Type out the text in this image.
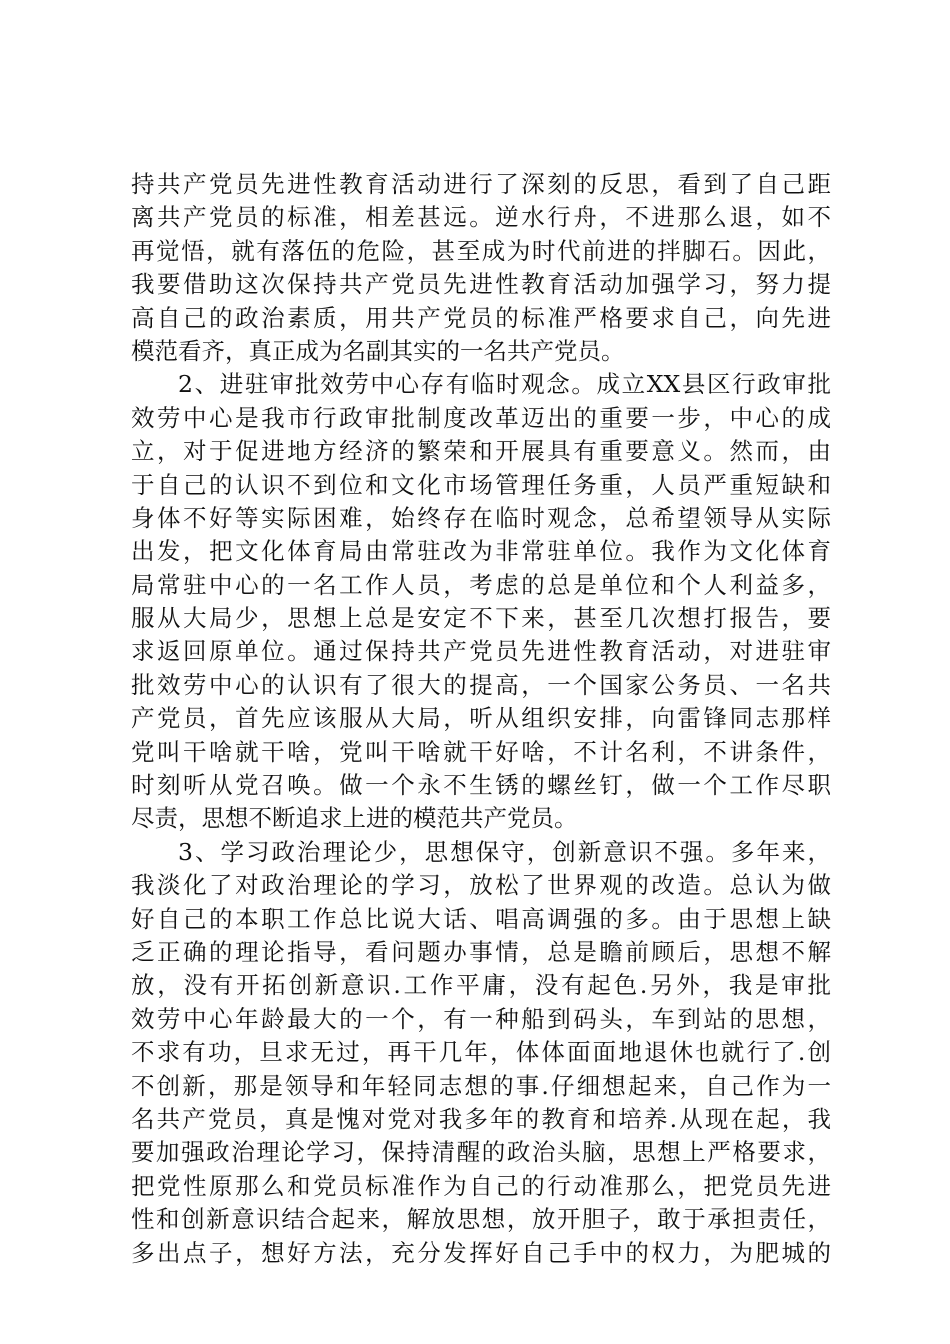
持共产党员先进性教育活动进行了深刻的反思，看到了自己距
离共产党员的标准，相差甚远。逆水行舟，不进那么退，如不
再觉悟，就有落伍的危险，甚至成为时代前进的拌脚石。因此，
我要借助这次保持共产党员先进性教育活动加强学习，努力提
高自己的政治素质，用共产党员的标准严格要求自己，向先进
模范看齐，真正成为名副其实的一名共产党员。
2、进驻审批效劳中心存有临时观念。成立XX县区行政审批
效劳中心是我市行政审批制度改革迈出的重要一步，中心的成
立，对于促进地方经济的繁荣和开展具有重要意义。然而，由
于自己的认识不到位和文化市场管理任务重，人员严重短缺和
身体不好等实际困难，始终存在临时观念，总希望领导从实际
出发，把文化体育局由常驻改为非常驻单位。我作为文化体育
局常驻中心的一名工作人员，考虑的总是单位和个人利益多，
服从大局少，思想上总是安定不下来，甚至几次想打报告，要
求返回原单位。通过保持共产党员先进性教育活动，对进驻审
批效劳中心的认识有了很大的提高，一个国家公务员、一名共
产党员，首先应该服从大局，听从组织安排，向雷锋同志那样
党叫干啥就干啥，党叫干啥就干好啥，不计名利，不讲条件，
时刻听从党召唤。做一个永不生锈的螺丝钉，做一个工作尽职
尽责，思想不断追求上进的模范共产党员。
3、学习政治理论少，思想保守，创新意识不强。多年来，
我淡化了对政治理论的学习，放松了世界观的改造。总认为做
好自己的本职工作总比说大话、唱高调强的多。由于思想上缺
乏正确的理论指导，看问题办事情，总是瞻前顾后，思想不解
放，没有开拓创新意识.工作平庸，没有起色.另外，我是审批
效劳中心年龄最大的一个，有一种船到码头，车到站的思想，
不求有功，旦求无过，再干几年，体体面面地退休也就行了.创
不创新，那是领导和年轻同志想的事.仔细想起来，自己作为一
名共产党员，真是愧对党对我多年的教育和培养.从现在起，我
要加强政治理论学习，保持清醒的政治头脑，思想上严格要求，
把党性原那么和党员标准作为自己的行动准那么，把党员先进
性和创新意识结合起来，解放思想，放开胆子，敢于承担责任，
多出点子，想好方法，充分发挥好自己手中的权力，为肥城的
